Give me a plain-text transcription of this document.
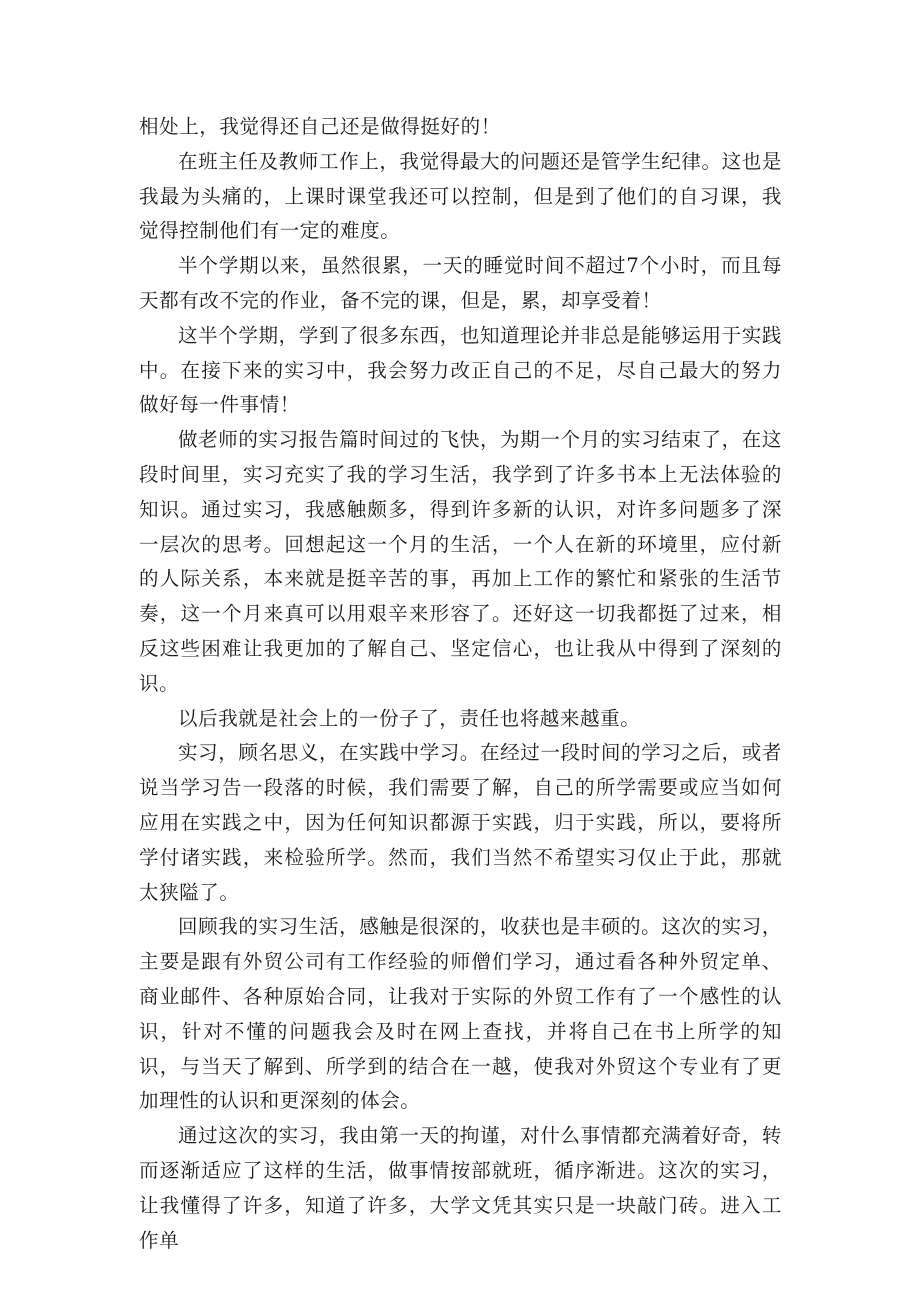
相处上，我觉得还自己还是做得挺好的！

在班主任及教师工作上，我觉得最大的问题还是管学生纪律。这也是我最为头痛的，上课时课堂我还可以控制，但是到了他们的自习课，我觉得控制他们有一定的难度。

半个学期以来，虽然很累，一天的睡觉时间不超过7个小时，而且每天都有改不完的作业，备不完的课，但是，累，却享受着！

这半个学期，学到了很多东西，也知道理论并非总是能够运用于实践中。在接下来的实习中，我会努力改正自己的不足，尽自己最大的努力做好每一件事情！

做老师的实习报告篇时间过的飞快，为期一个月的实习结束了，在这段时间里，实习充实了我的学习生活，我学到了许多书本上无法体验的知识。通过实习，我感触颇多，得到许多新的认识，对许多问题多了深一层次的思考。回想起这一个月的生活，一个人在新的环境里，应付新的人际关系，本来就是挺辛苦的事，再加上工作的繁忙和紧张的生活节奏，这一个月来真可以用艰辛来形容了。还好这一切我都挺了过来，相反这些困难让我更加的了解自己、坚定信心，也让我从中得到了深刻的识。

以后我就是社会上的一份子了，责任也将越来越重。

实习，顾名思义，在实践中学习。在经过一段时间的学习之后，或者说当学习告一段落的时候，我们需要了解，自己的所学需要或应当如何应用在实践之中，因为任何知识都源于实践，归于实践，所以，要将所学付诸实践，来检验所学。然而，我们当然不希望实习仅止于此，那就太狭隘了。

回顾我的实习生活，感触是很深的，收获也是丰硕的。这次的实习，主要是跟有外贸公司有工作经验的师僧们学习，通过看各种外贸定单、商业邮件、各种原始合同，让我对于实际的外贸工作有了一个感性的认识，针对不懂的问题我会及时在网上查找，并将自己在书上所学的知识，与当天了解到、所学到的结合在一越，使我对外贸这个专业有了更加理性的认识和更深刻的体会。

通过这次的实习，我由第一天的拘谨，对什么事情都充满着好奇，转而逐渐适应了这样的生活，做事情按部就班，循序渐进。这次的实习，让我懂得了许多，知道了许多，大学文凭其实只是一块敲门砖。进入工作单
